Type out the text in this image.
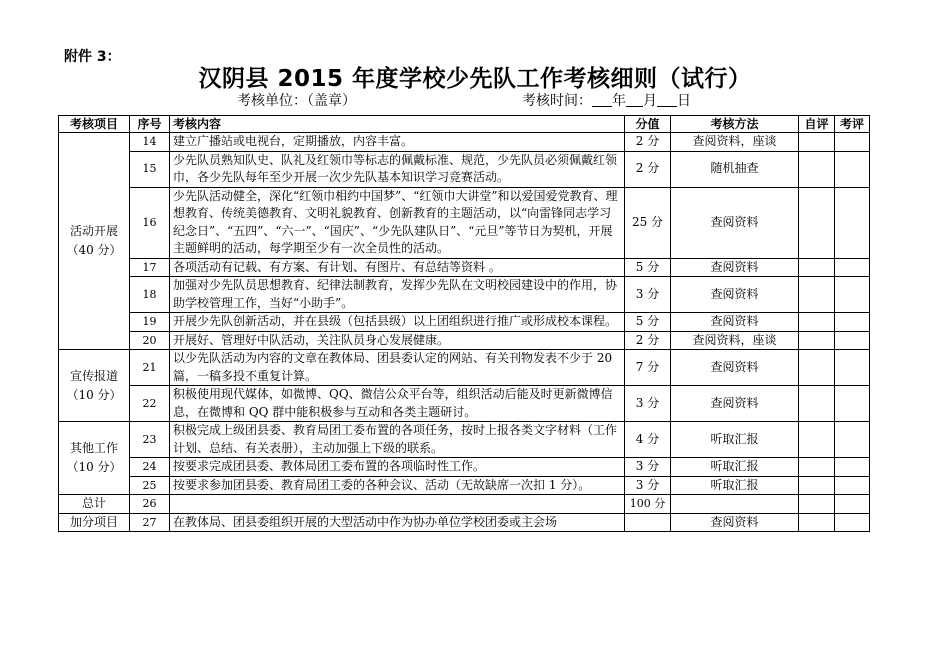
附件 3：
汉阴县 2015 年度学校少先队工作考核细则（试行）
考核单位：（盖章）	考核时间： 年 月 日
考核项目	序号	考核内容	分值	考核方法	自评	考评
活动开展
（40 分）	14	建立广播站或电视台，定期播放，内容丰富。	2 分	查阅资料，座谈		
	15	少先队员熟知队史、队礼及红领巾等标志的佩戴标准、规范，少先队员必须佩戴红领巾，各少先队每年至少开展一次少先队基本知识学习竞赛活动。	2 分	随机抽查		
	16	少先队活动健全，深化“红领巾相约中国梦”、“红领巾大讲堂”和以爱国爱党教育、理想教育、传统美德教育、文明礼貌教育、创新教育的主题活动，以“向雷锋同志学习纪念日”、“五四”、“六一”、“国庆”、“少先队建队日”、“元旦”等节日为契机，开展主题鲜明的活动，每学期至少有一次全员性的活动。	25 分	查阅资料		
	17	各项活动有记载、有方案、有计划、有图片、有总结等资料 。	5 分	查阅资料		
	18	加强对少先队员思想教育、纪律法制教育，发挥少先队在文明校园建设中的作用，协助学校管理工作，当好“小助手”。	3 分	查阅资料		
	19	开展少先队创新活动，并在县级（包括县级）以上团组织进行推广或形成校本课程。	5 分	查阅资料		
	20	开展好、管理好中队活动，关注队员身心发展健康。	2 分	查阅资料，座谈		
宣传报道
（10 分）	21	以少先队活动为内容的文章在教体局、团县委认定的网站、有关刊物发表不少于 20 篇，一稿多投不重复计算。	7 分	查阅资料		
	22	积极使用现代媒体，如微博、QQ、微信公众平台等，组织活动后能及时更新微博信息，在微博和 QQ 群中能积极参与互动和各类主题研讨。	3 分	查阅资料		
其他工作
（10 分）	23	积极完成上级团县委、教育局团工委布置的各项任务，按时上报各类文字材料（工作计划、总结、有关表册），主动加强上下级的联系。	4 分	听取汇报		
	24	按要求完成团县委、教体局团工委布置的各项临时性工作。	3 分	听取汇报		
	25	按要求参加团县委、教育局团工委的各种会议、活动（无故缺席一次扣 1 分）。	3 分	听取汇报		
总计	26		100 分			
加分项目	27	在教体局、团县委组织开展的大型活动中作为协办单位学校团委或主会场		查阅资料		
